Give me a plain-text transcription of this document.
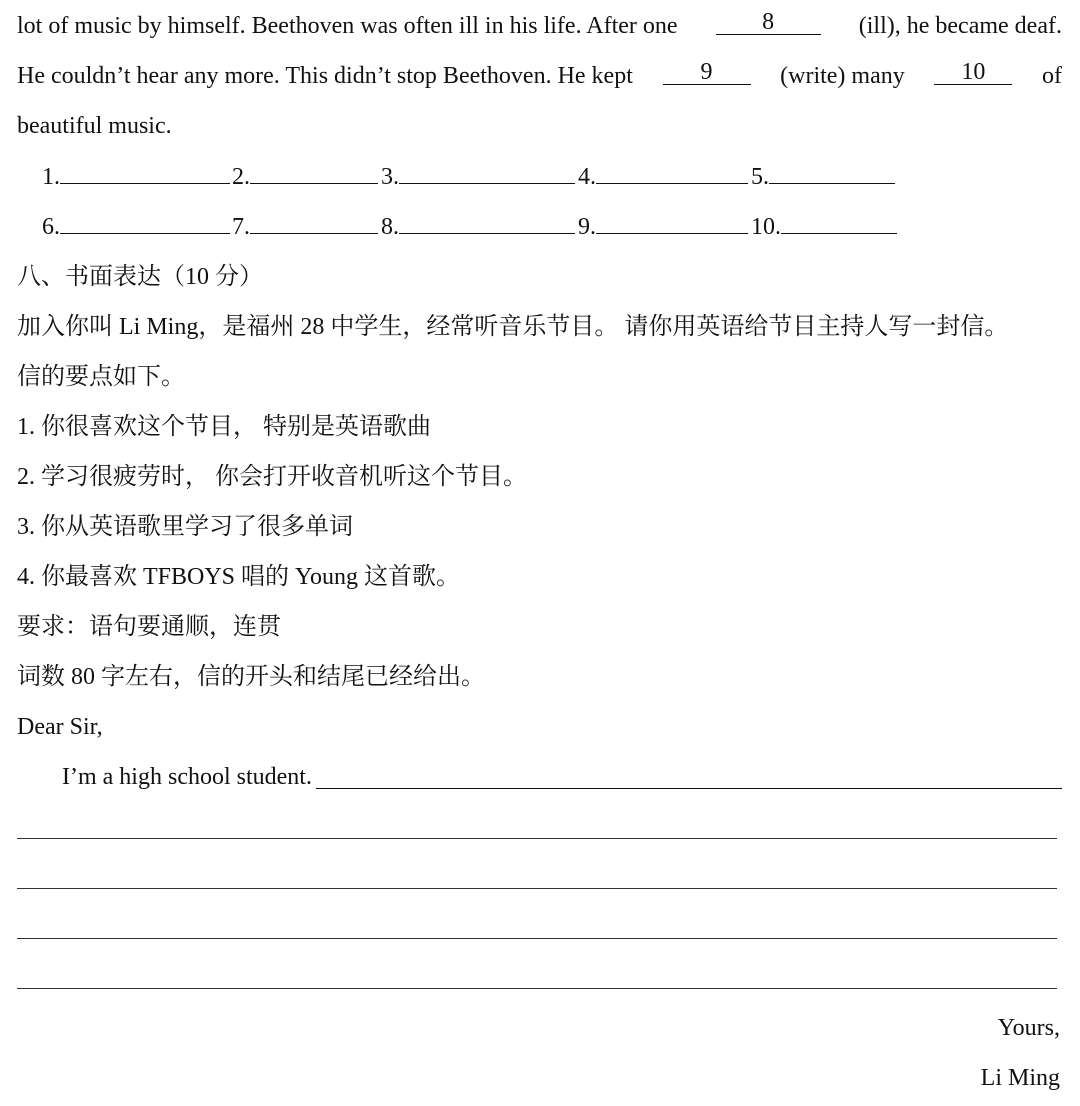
lot of music by himself. Beethoven was often ill in his life. After one	8	(ill), he became deaf.
He couldn’t hear any more. This didn’t stop Beethoven. He kept	9	(write) many	10	of
beautiful music.
1.	2.	3.	4.	5.
6.	7.	8.	9.	10.
八、书面表达（10 分）
加入你叫 Li Ming，是福州 28 中学生，经常听音乐节目。 请你用英语给节目主持人写一封信。
信的要点如下。
1. 你很喜欢这个节目， 特别是英语歌曲
2. 学习很疲劳时， 你会打开收音机听这个节目。
3. 你从英语歌里学习了很多单词
4. 你最喜欢 TFBOYS 唱的 Young 这首歌。
要求：语句要通顺，连贯
词数 80 字左右，信的开头和结尾已经给出。
Dear Sir,
I’m a high school student.
Yours,
Li Ming
